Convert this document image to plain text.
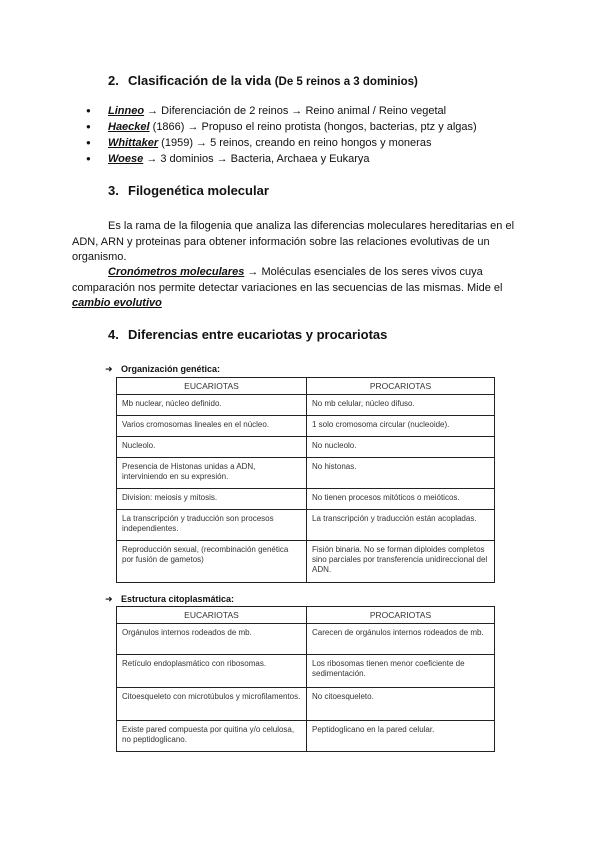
2. Clasificación de la vida (De 5 reinos a 3 dominios)
● Linneo → Diferenciación de 2 reinos → Reino animal / Reino vegetal
● Haeckel (1866) → Propuso el reino protista (hongos, bacterias, ptz y algas)
● Whittaker (1959) → 5 reinos, creando en reino hongos y moneras
● Woese → 3 dominios → Bacteria, Archaea y Eukarya
3. Filogenética molecular
Es la rama de la filogenia que analiza las diferencias moleculares hereditarias en el ADN, ARN y proteinas para obtener información sobre las relaciones evolutivas de un organismo.
Cronómetros moleculares → Moléculas esenciales de los seres vivos cuya comparación nos permite detectar variaciones en las secuencias de las mismas. Mide el cambio evolutivo
4. Diferencias entre eucariotas y procariotas
➜ Organización genética:
EUCARIOTAS	PROCARIOTAS
Mb nuclear, núcleo definido.	No mb celular, núcleo difuso.
Varios cromosomas lineales en el núcleo.	1 solo cromosoma circular (nucleoide).
Nucleolo.	No nucleolo.
Presencia de Histonas unidas a ADN, interviniendo en su expresión.	No histonas.
Division: meiosis y mitosis.	No tienen procesos mitóticos o meióticos.
La transcripción y traducción son procesos independientes.	La transcripción y traducción están acopladas.
Reproducción sexual, (recombinación genética por fusión de gametos)	Fisión binaria. No se forman diploides completos sino parciales por transferencia unidireccional del ADN.
➜ Estructura citoplasmática:
EUCARIOTAS	PROCARIOTAS
Orgánulos internos rodeados de mb.	Carecen de orgánulos internos rodeados de mb.
Retículo endoplasmático con ribosomas.	Los ribosomas tienen menor coeficiente de sedimentación.
Citoesqueleto con microtúbulos y microfilamentos.	No citoesqueleto.
Existe pared compuesta por quitina y/o celulosa, no peptidoglicano.	Peptidoglicano en la pared celular.
